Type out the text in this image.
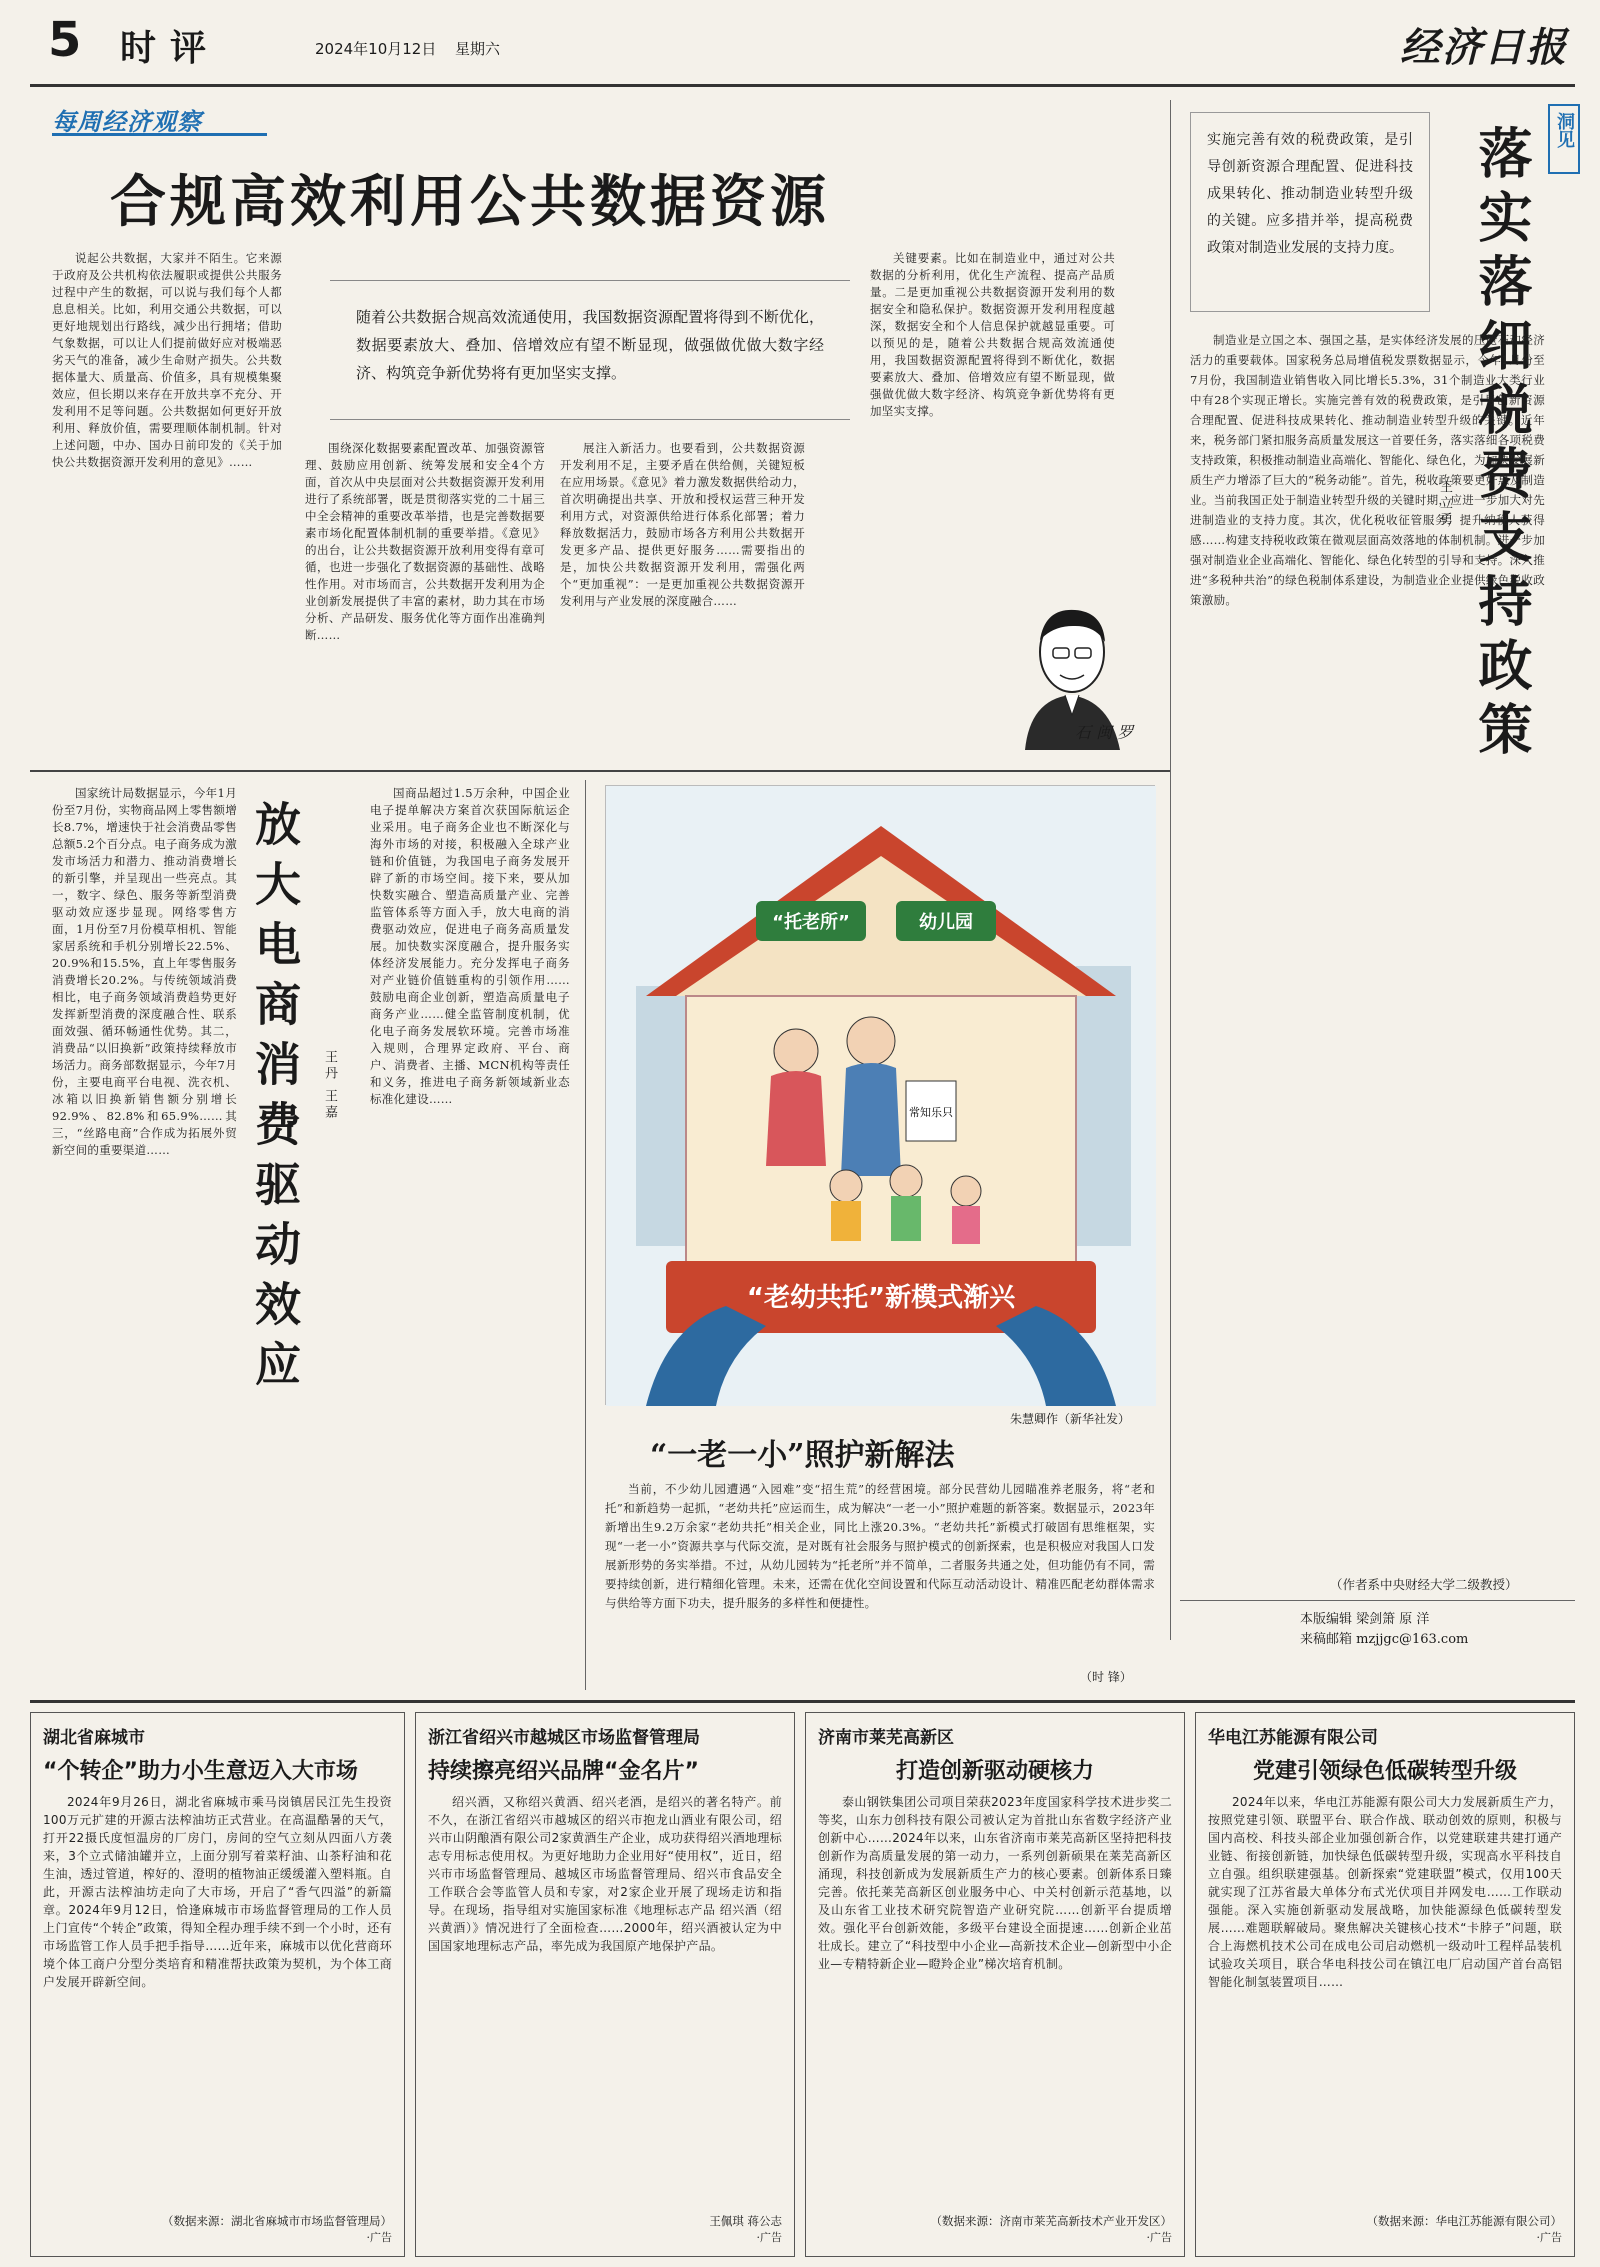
5 时评	2024年10月12日 星期六	经济日报
每周经济观察
合规高效利用公共数据资源

说起公共数据，大家并不陌生。它来源于政府及公共机构依法履职或提供公共服务过程中产生的数据，可以说与我们每个人都息息相关。比如，利用交通公共数据，可以更好地规划出行路线，减少出行拥堵；借助气象数据，可以让人们提前做好应对极端恶劣天气的准备，减少生命财产损失。公共数据体量大、质量高、价值多，具有规模集聚效应，但长期以来存在开放共享不充分、开发利用不足等问题。公共数据如何更好开放利用、释放价值，需要理顺体制机制。针对上述问题，中办、国办日前印发的《关于加快公共数据资源开发利用的意见》……

随着公共数据合规高效流通使用，我国数据资源配置将得到不断优化，数据要素放大、叠加、倍增效应有望不断显现，做强做优做大数字经济、构筑竞争新优势将有更加坚实支撑。

围绕深化数据要素配置改革、加强资源管理、鼓励应用创新、统筹发展和安全4个方面，首次从中央层面对公共数据资源开发利用进行了系统部署，既是贯彻落实党的二十届三中全会精神的重要改革举措，也是完善数据要素市场化配置体制机制的重要举措。《意见》的出台，让公共数据资源开放利用变得有章可循，也进一步强化了数据资源的基础性、战略性作用。对市场而言，公共数据开发利用为企业创新发展提供了丰富的素材，助力其在市场分析、产品研发、服务优化等方面作出准确判断……

展注入新活力。也要看到，公共数据资源开发利用不足，主要矛盾在供给侧，关键短板在应用场景。《意见》着力激发数据供给动力，首次明确提出共享、开放和授权运营三种开发利用方式，对资源供给进行体系化部署；着力释放数据活力，鼓励市场各方利用公共数据开发更多产品、提供更好服务……需要指出的是，加快公共数据资源开发利用，需强化两个“更加重视”：一是更加重视公共数据资源开发利用与产业发展的深度融合……

关键要素。比如在制造业中，通过对公共数据的分析利用，优化生产流程、提高产品质量。二是更加重视公共数据资源开发利用的数据安全和隐私保护。数据资源开发利用程度越深，数据安全和个人信息保护就越显重要。可以预见的是，随着公共数据合规高效流通使用，我国数据资源配置将得到不断优化，数据要素放大、叠加、倍增效应有望不断显现，做强做优做大数字经济、构筑竞争新优势将有更加坚实支撑。

石 闽 罗

实施完善有效的税费政策，是引导创新资源合理配置、促进科技成果转化、推动制造业转型升级的关键。应多措并举，提高税费政策对制造业发展的支持力度。

洞见
落实落细税费支持政策
王立勇

制造业是立国之本、强国之基，是实体经济发展的压舱石和经济活力的重要载体。国家税务总局增值税发票数据显示，今年1月份至7月份，我国制造业销售收入同比增长5.3%，31个制造业大类行业中有28个实现正增长。实施完善有效的税费政策，是引导创新资源合理配置、促进科技成果转化、推动制造业转型升级的关键。近年来，税务部门紧扣服务高质量发展这一首要任务，落实落细各项税费支持政策，积极推动制造业高端化、智能化、绿色化，为加快发展新质生产力增添了巨大的“税务动能”。首先，税收政策要更好惠及制造业。当前我国正处于制造业转型升级的关键时期，应进一步加大对先进制造业的支持力度。其次，优化税收征管服务，提升纳税人获得感……构建支持税收政策在微观层面高效落地的体制机制。进一步加强对制造业企业高端化、智能化、绿色化转型的引导和支持。深入推进“多税种共治”的绿色税制体系建设，为制造业企业提供绿色税收政策激励。

（作者系中央财经大学二级教授）
本版编辑 梁剑箫 原 洋
来稿邮箱 mzjjgc@163.com

国家统计局数据显示，今年1月份至7月份，实物商品网上零售额增长8.7%，增速快于社会消费品零售总额5.2个百分点。电子商务成为激发市场活力和潜力、推动消费增长的新引擎，并呈现出一些亮点。其一，数字、绿色、服务等新型消费驱动效应逐步显现。网络零售方面，1月份至7月份模草相机、智能家居系统和手机分别增长22.5%、20.9%和15.5%，直上年零售服务消费增长20.2%。与传统领域消费相比，电子商务领域消费趋势更好发挥新型消费的深度融合性、联系面效强、循环畅通性优势。其二，消费品“以旧换新”政策持续释放市场活力。商务部数据显示，今年7月份，主要电商平台电视、洗衣机、冰箱以旧换新销售额分别增长92.9%、82.8%和65.9%……其三，“丝路电商”合作成为拓展外贸新空间的重要渠道……	放大电商消费驱动效应	王丹 王嘉

国商品超过1.5万余种，中国企业电子提单解决方案首次获国际航运企业采用。电子商务企业也不断深化与海外市场的对接，积极融入全球产业链和价值链，为我国电子商务发展开辟了新的市场空间。接下来，要从加快数实融合、塑造高质量产业、完善监管体系等方面入手，放大电商的消费驱动效应，促进电子商务高质量发展。加快数实深度融合，提升服务实体经济发展能力。充分发挥电子商务对产业链价值链重构的引领作用……鼓励电商企业创新，塑造高质量电子商务产业……健全监管制度机制，优化电子商务发展软环境。完善市场准入规则，合理界定政府、平台、商户、消费者、主播、MCN机构等责任和义务，推进电子商务新领域新业态标准化建设……

“托老所”	幼儿园
常知乐只
“老幼共托”新模式渐兴
朱慧卿作（新华社发）
“一老一小”照护新解法

当前，不少幼儿园遭遇“入园难”变“招生荒”的经营困境。部分民营幼儿园瞄准养老服务，将“老和托”和新趋势一起抓，“老幼共托”应运而生，成为解决“一老一小”照护难题的新答案。数据显示，2023年新增出生9.2万余家“老幼共托”相关企业，同比上涨20.3%。“老幼共托”新模式打破固有思维框架，实现“一老一小”资源共享与代际交流，是对既有社会服务与照护模式的创新探索，也是积极应对我国人口发展新形势的务实举措。不过，从幼儿园转为“托老所”并不简单，二者服务共通之处，但功能仍有不同，需要持续创新，进行精细化管理。未来，还需在优化空间设置和代际互动活动设计、精准匹配老幼群体需求与供给等方面下功夫，提升服务的多样性和便捷性。

（时 锋）
湖北省麻城市
“个转企”助力小生意迈入大市场

2024年9月26日，湖北省麻城市乘马岗镇居民江先生投资100万元扩建的开源古法榨油坊正式营业。在高温酷暑的天气，打开22摄氏度恒温房的厂房门，房间的空气立刻从四面八方袭来，3个立式储油罐并立，上面分别写着菜籽油、山茶籽油和花生油，透过管道，榨好的、澄明的植物油正缓缓灌入塑料瓶。自此，开源古法榨油坊走向了大市场，开启了“香气四溢”的新篇章。2024年9月12日，恰逢麻城市市场监督管理局的工作人员上门宣传“个转企”政策，得知全程办理手续不到一个小时，还有市场监管工作人员手把手指导……近年来，麻城市以优化营商环境个体工商户分型分类培育和精准帮扶政策为契机，为个体工商户发展开辟新空间。

（数据来源：湖北省麻城市市场监督管理局）
·广告
浙江省绍兴市越城区市场监督管理局
持续擦亮绍兴品牌“金名片”

绍兴酒，又称绍兴黄酒、绍兴老酒，是绍兴的著名特产。前不久，在浙江省绍兴市越城区的绍兴市抱龙山酒业有限公司，绍兴市山阴酿酒有限公司2家黄酒生产企业，成功获得绍兴酒地理标志专用标志使用权。为更好地助力企业用好“使用权”，近日，绍兴市市场监督管理局、越城区市场监督管理局、绍兴市食品安全工作联合会等监管人员和专家，对2家企业开展了现场走访和指导。在现场，指导组对实施国家标准《地理标志产品 绍兴酒（绍兴黄酒）》情况进行了全面检查……2000年，绍兴酒被认定为中国国家地理标志产品，率先成为我国原产地保护产品。

王佩琪 蒋公志
·广告
济南市莱芜高新区
打造创新驱动硬核力

泰山钢铁集团公司项目荣获2023年度国家科学技术进步奖二等奖，山东力创科技有限公司被认定为首批山东省数字经济产业创新中心……2024年以来，山东省济南市莱芜高新区坚持把科技创新作为高质量发展的第一动力，一系列创新硕果在莱芜高新区涌现，科技创新成为发展新质生产力的核心要素。创新体系日臻完善。依托莱芜高新区创业服务中心、中关村创新示范基地，以及山东省工业技术研究院智造产业研究院……创新平台提质增效。强化平台创新效能，多级平台建设全面提速……创新企业茁壮成长。建立了“科技型中小企业—高新技术企业—创新型中小企业—专精特新企业—瞪羚企业”梯次培育机制。

（数据来源：济南市莱芜高新技术产业开发区）
·广告
华电江苏能源有限公司
党建引领绿色低碳转型升级

2024年以来，华电江苏能源有限公司大力发展新质生产力，按照党建引领、联盟平台、联合作战、联动创效的原则，积极与国内高校、科技头部企业加强创新合作，以党建联建共建打通产业链、衔接创新链，加快绿色低碳转型升级，实现高水平科技自立自强。组织联建强基。创新探索“党建联盟”模式，仅用100天就实现了江苏省最大单体分布式光伏项目并网发电……工作联动强能。深入实施创新驱动发展战略，加快能源绿色低碳转型发展……难题联解破局。聚焦解决关键核心技术“卡脖子”问题，联合上海燃机技术公司在成电公司启动燃机一级动叶工程样品装机试验攻关项目，联合华电科技公司在镇江电厂启动国产首台高铝智能化制氢装置项目……

（数据来源：华电江苏能源有限公司）
·广告
